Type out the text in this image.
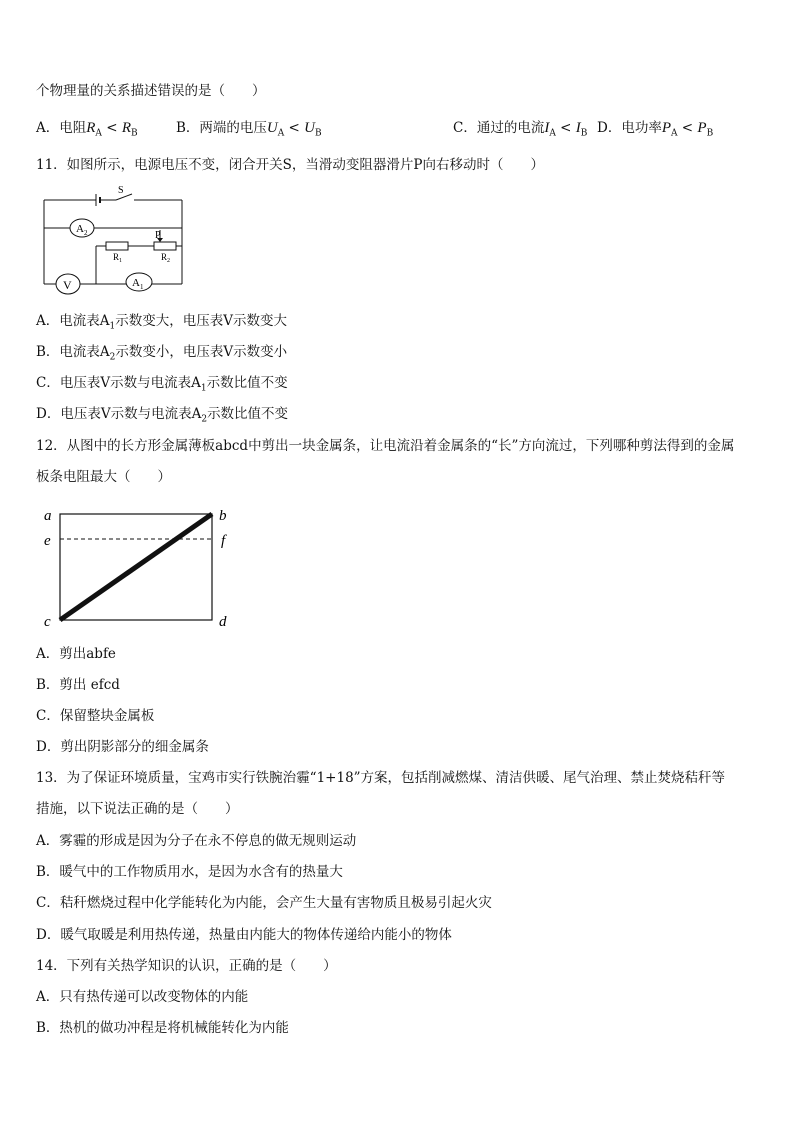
个物理量的关系描述错误的是（　　）
A．电阻$R_A < R_B$	B．两端的电压$U_A < U_B$	C．通过的电流$I_A < I_B$ D．电功率$P_A < P_B$
11．如图所示，电源电压不变，闭合开关S，当滑动变阻器滑片P向右移动时（　　）
S
$A_2$	P
$R_1$	$R_2$
V	$A_1$
A．电流表$A_1$示数变大，电压表V示数变大
B．电流表$A_2$示数变小，电压表V示数变小
C．电压表V示数与电流表$A_1$示数比值不变
D．电压表V示数与电流表$A_2$示数比值不变
12．从图中的长方形金属薄板abcd中剪出一块金属条，让电流沿着金属条的“长”方向流过，下列哪种剪法得到的金属
板条电阻最大（　　）
a	b
e	f
c	d
A．剪出abfe
B．剪出 efcd
C．保留整块金属板
D．剪出阴影部分的细金属条
13．为了保证环境质量，宝鸡市实行铁腕治霾“1+18”方案，包括削减燃煤、清洁供暖、尾气治理、禁止焚烧秸秆等
措施，以下说法正确的是（　　）
A．雾霾的形成是因为分子在永不停息的做无规则运动
B．暖气中的工作物质用水，是因为水含有的热量大
C．秸秆燃烧过程中化学能转化为内能，会产生大量有害物质且极易引起火灾
D．暖气取暖是利用热传递，热量由内能大的物体传递给内能小的物体
14．下列有关热学知识的认识，正确的是（　　）
A．只有热传递可以改变物体的内能
B．热机的做功冲程是将机械能转化为内能
